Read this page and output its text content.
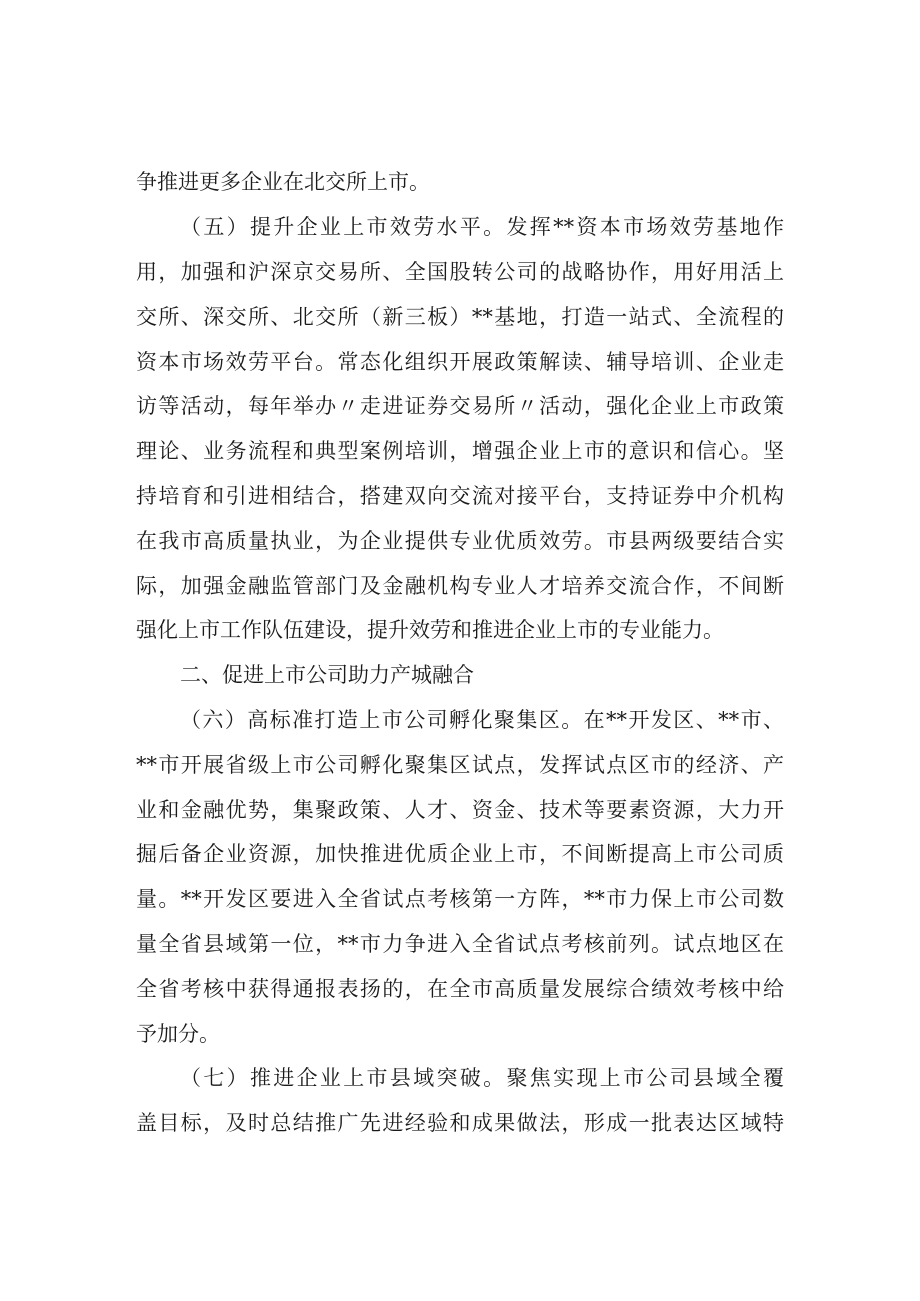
争推进更多企业在北交所上市。
（五）提升企业上市效劳水平。发挥**资本市场效劳基地作
用，加强和沪深京交易所、全国股转公司的战略协作，用好用活上
交所、深交所、北交所（新三板）**基地，打造一站式、全流程的
资本市场效劳平台。常态化组织开展政策解读、辅导培训、企业走
访等活动，每年举办〃走进证券交易所〃活动，强化企业上市政策
理论、业务流程和典型案例培训，增强企业上市的意识和信心。坚
持培育和引进相结合，搭建双向交流对接平台，支持证券中介机构
在我市高质量执业，为企业提供专业优质效劳。市县两级要结合实
际，加强金融监管部门及金融机构专业人才培养交流合作，不间断
强化上市工作队伍建设，提升效劳和推进企业上市的专业能力。
二、促进上市公司助力产城融合
（六）高标准打造上市公司孵化聚集区。在**开发区、**市、
**市开展省级上市公司孵化聚集区试点，发挥试点区市的经济、产
业和金融优势，集聚政策、人才、资金、技术等要素资源，大力开
掘后备企业资源，加快推进优质企业上市，不间断提高上市公司质
量。**开发区要进入全省试点考核第一方阵，**市力保上市公司数
量全省县域第一位，**市力争进入全省试点考核前列。试点地区在
全省考核中获得通报表扬的，在全市高质量发展综合绩效考核中给
予加分。
（七）推进企业上市县域突破。聚焦实现上市公司县域全覆
盖目标，及时总结推广先进经验和成果做法，形成一批表达区域特
